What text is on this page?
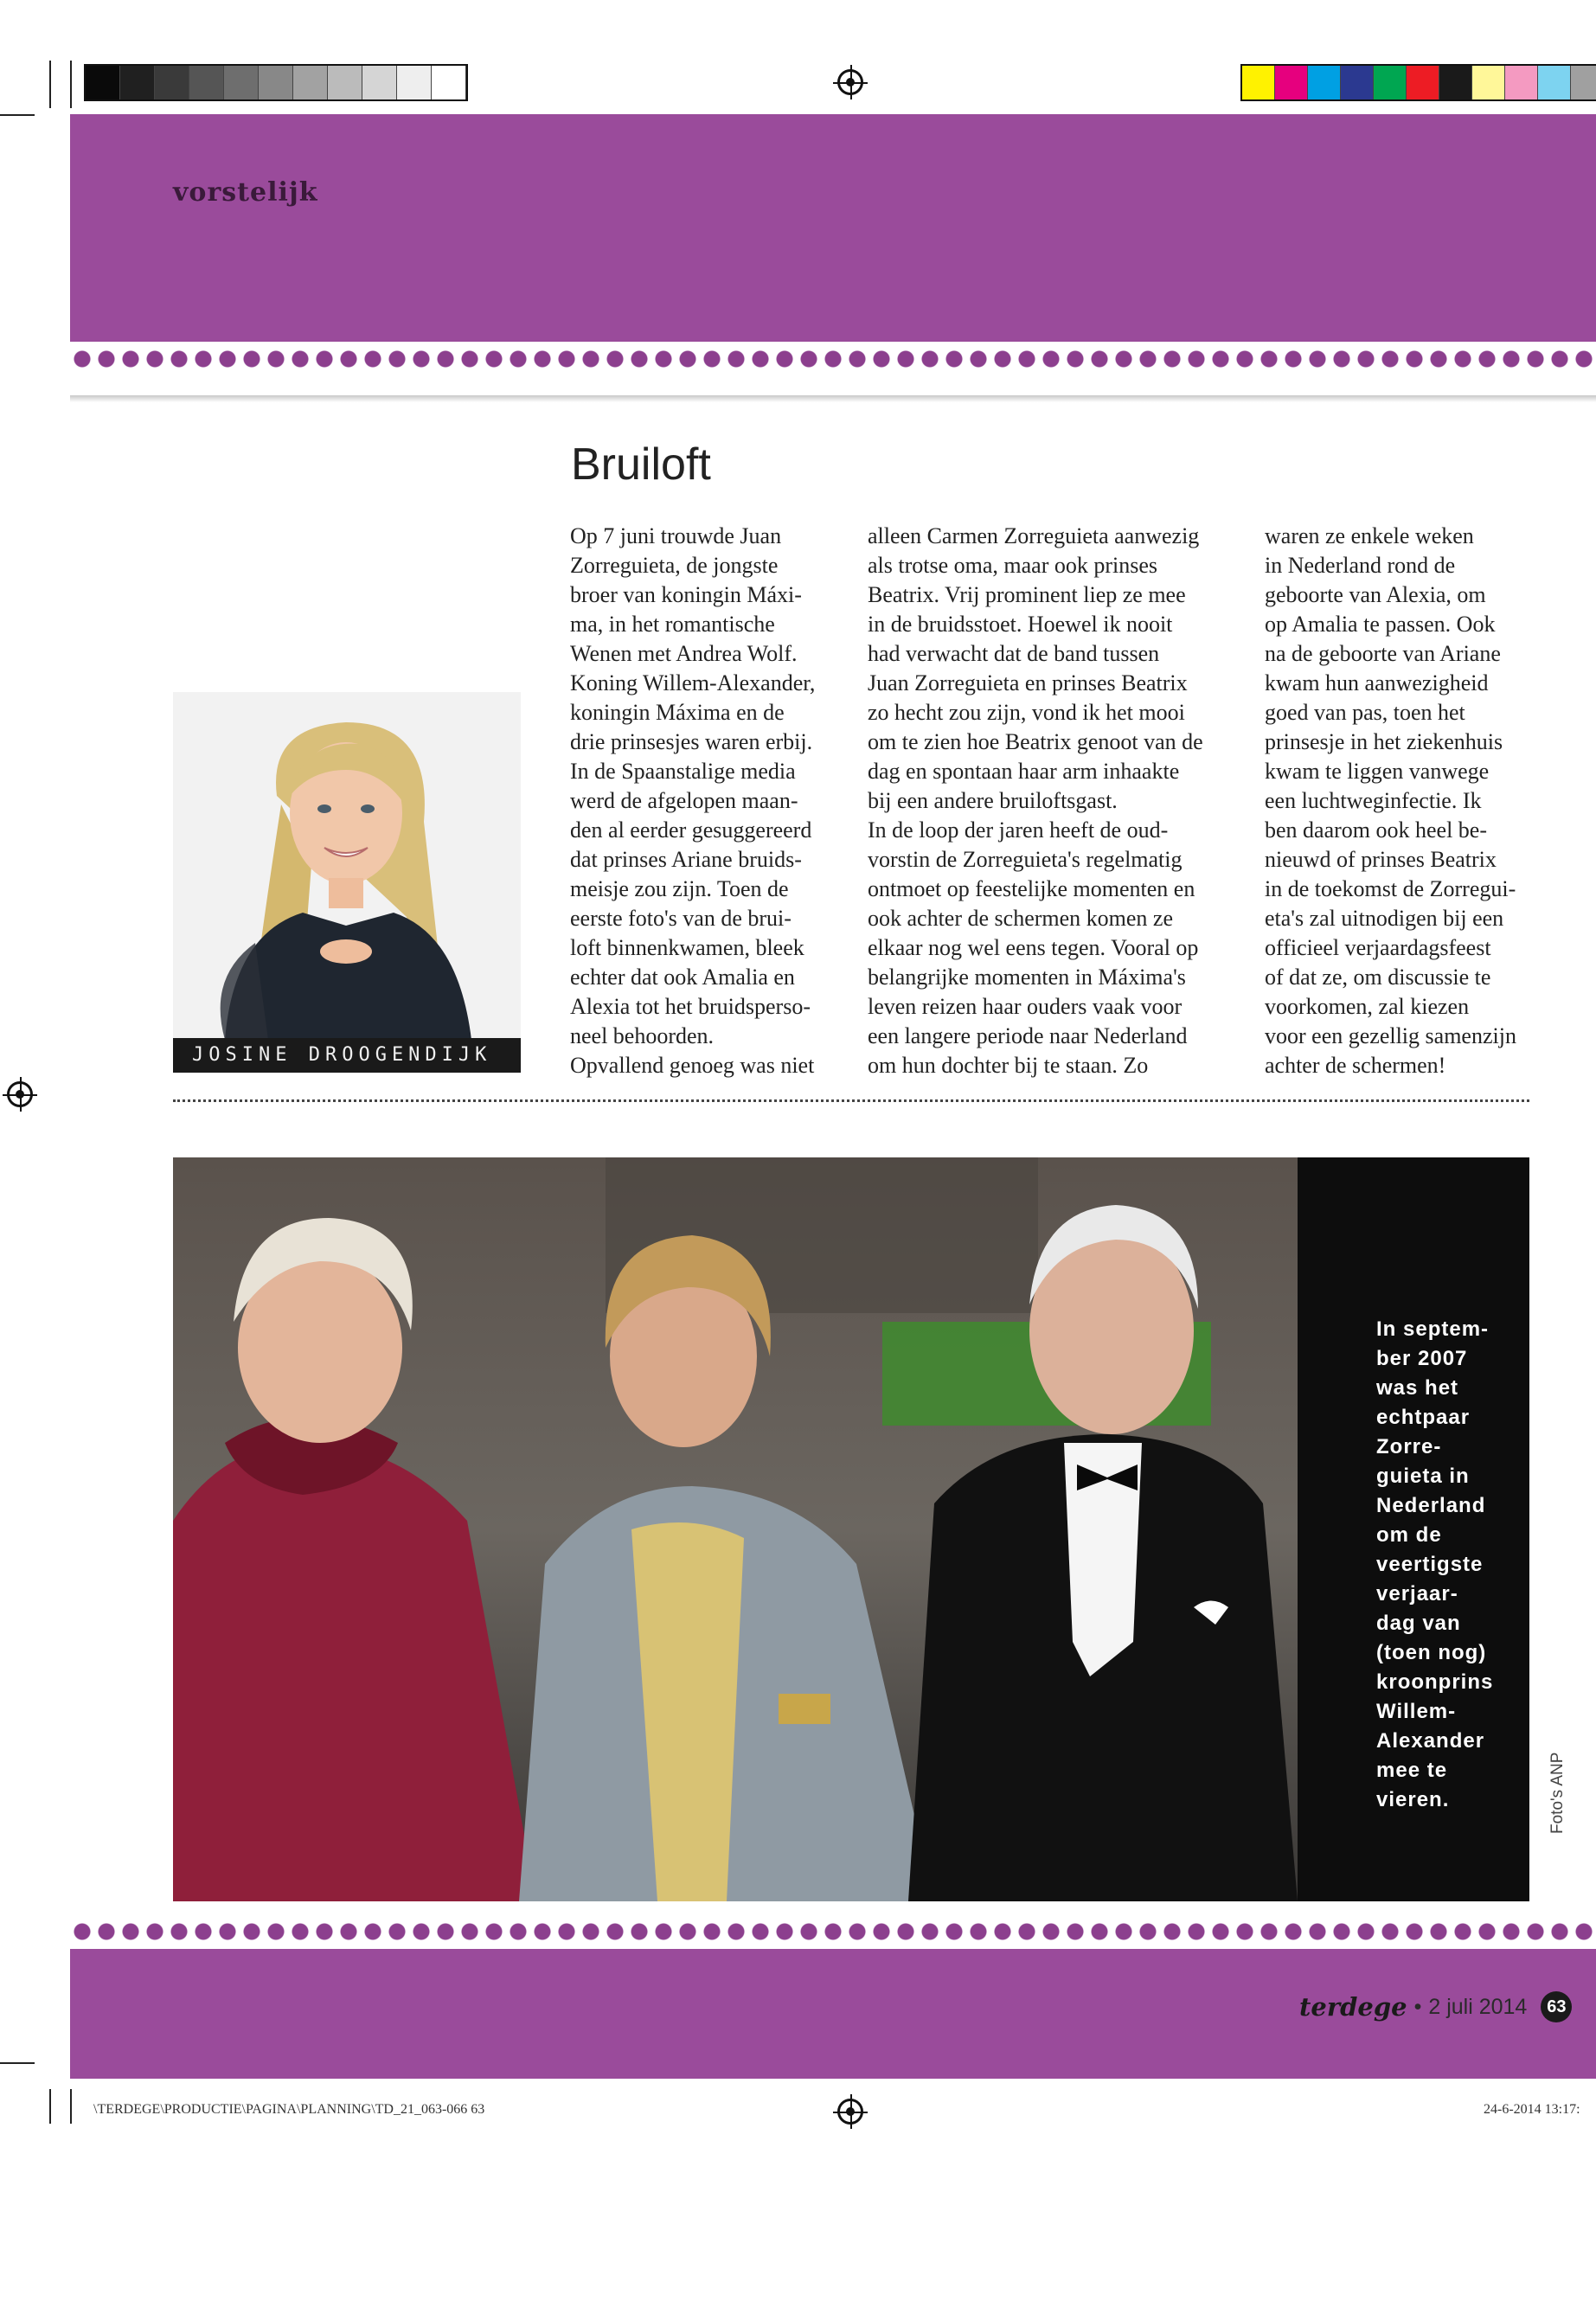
vorstelijk
Bruiloft

Op 7 juni trouwde Juan

Zorreguieta, de jongste

broer van koningin Máxi-

ma, in het romantische

Wenen met Andrea Wolf.

Koning Willem-Alexander,

koningin Máxima en de

drie prinsesjes waren erbij.

In de Spaanstalige media

werd de afgelopen maan-

den al eerder gesuggereerd

dat prinses Ariane bruids-

meisje zou zijn. Toen de

eerste foto's van de brui-

loft binnenkwamen, bleek

echter dat ook Amalia en

Alexia tot het bruidsperso-

neel behoorden.

Opvallend genoeg was niet

alleen Carmen Zorreguieta aanwezig

als trotse oma, maar ook prinses

Beatrix. Vrij prominent liep ze mee

in de bruidsstoet. Hoewel ik nooit

had verwacht dat de band tussen

Juan Zorreguieta en prinses Beatrix

zo hecht zou zijn, vond ik het mooi

om te zien hoe Beatrix genoot van de

dag en spontaan haar arm inhaakte

bij een andere bruiloftsgast.

In de loop der jaren heeft de oud-

vorstin de Zorreguieta's regelmatig

ontmoet op feestelijke momenten en

ook achter de schermen komen ze

elkaar nog wel eens tegen. Vooral op

belangrijke momenten in Máxima's

leven reizen haar ouders vaak voor

een langere periode naar Nederland

om hun dochter bij te staan. Zo

waren ze enkele weken

in Nederland rond de

geboorte van Alexia, om

op Amalia te passen. Ook

na de geboorte van Ariane

kwam hun aanwezigheid

goed van pas, toen het

prinsesje in het ziekenhuis

kwam te liggen vanwege

een luchtweginfectie. Ik

ben daarom ook heel be-

nieuwd of prinses Beatrix

in de toekomst de Zorregui-

eta's zal uitnodigen bij een

officieel verjaardagsfeest

of dat ze, om discussie te

voorkomen, zal kiezen

voor een gezellig samenzijn

achter de schermen!

JOSINE DROOGENDIJK
In septem-
ber 2007
was het
echtpaar
Zorre-
guieta in
Nederland
om de
veertigste
verjaar-
dag van
(toen nog)
kroonprins
Willem-
Alexander
mee te
vieren.	Foto's ANP
terdege • 2 juli 2014	63
\TERDEGE\PRODUCTIE\PAGINA\PLANNING\TD_21_063-066 63	24-6-2014 13:17:
